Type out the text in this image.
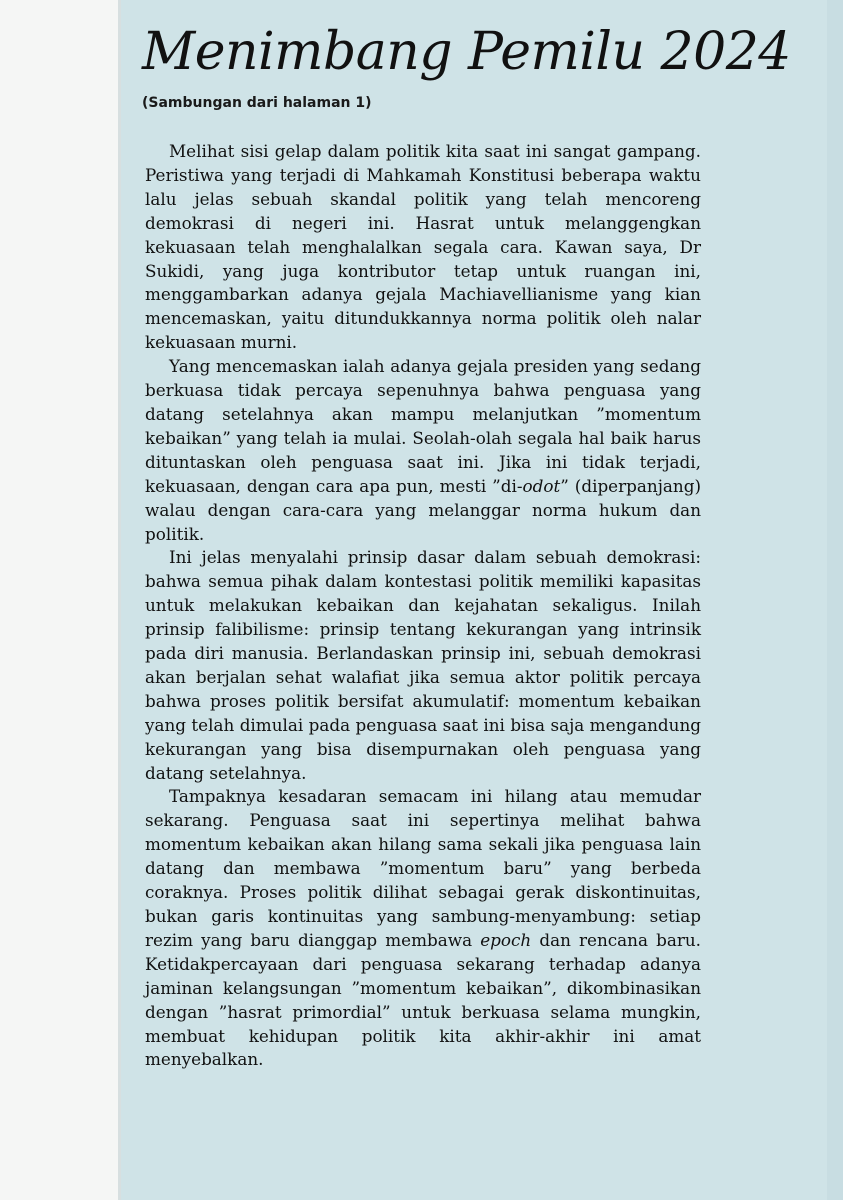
Menimbang Pemilu 2024
(Sambungan dari halaman 1)

Melihat sisi gelap dalam politik kita saat ini sangat gampang. Peristiwa yang terjadi di Mahkamah Konstitusi beberapa waktu lalu jelas sebuah skandal politik yang telah mencoreng demokrasi di negeri ini. Hasrat untuk melanggengkan kekuasaan telah menghalalkan segala cara. Kawan saya, Dr Sukidi, yang juga kontributor tetap untuk ruangan ini, menggambarkan adanya gejala Machiavellianisme yang kian mencemaskan, yaitu ditundukkannya norma politik oleh nalar kekuasaan murni.

Yang mencemaskan ialah adanya gejala presiden yang sedang berkuasa tidak percaya sepenuhnya bahwa penguasa yang datang setelahnya akan mampu melanjutkan ”momentum kebaikan” yang telah ia mulai. Seolah-olah segala hal baik harus dituntaskan oleh penguasa saat ini. Jika ini tidak terjadi, kekuasaan, dengan cara apa pun, mesti ”di-odot” (diperpanjang) walau dengan cara-cara yang melanggar norma hukum dan politik.

Ini jelas menyalahi prinsip dasar dalam sebuah demokrasi: bahwa semua pihak dalam kontestasi politik memiliki kapasitas untuk melakukan kebaikan dan kejahatan sekaligus. Inilah prinsip falibilisme: prinsip tentang kekurangan yang intrinsik pada diri manusia. Berlandaskan prinsip ini, sebuah demokrasi akan berjalan sehat walafiat jika semua aktor politik percaya bahwa proses politik bersifat akumulatif: momentum kebaikan yang telah dimulai pada penguasa saat ini bisa saja mengandung kekurangan yang bisa disempurnakan oleh penguasa yang datang setelahnya.

Tampaknya kesadaran semacam ini hilang atau memudar sekarang. Penguasa saat ini sepertinya melihat bahwa momentum kebaikan akan hilang sama sekali jika penguasa lain datang dan membawa ”momentum baru” yang berbeda coraknya. Proses politik dilihat sebagai gerak diskontinuitas, bukan garis kontinuitas yang sambung-menyambung: setiap rezim yang baru dianggap membawa epoch dan rencana baru. Ketidakpercayaan dari penguasa sekarang terhadap adanya jaminan kelangsungan ”momentum kebaikan”, dikombinasikan dengan ”hasrat primordial” untuk berkuasa selama mungkin, membuat kehidupan politik kita akhir-akhir ini amat menyebalkan.
